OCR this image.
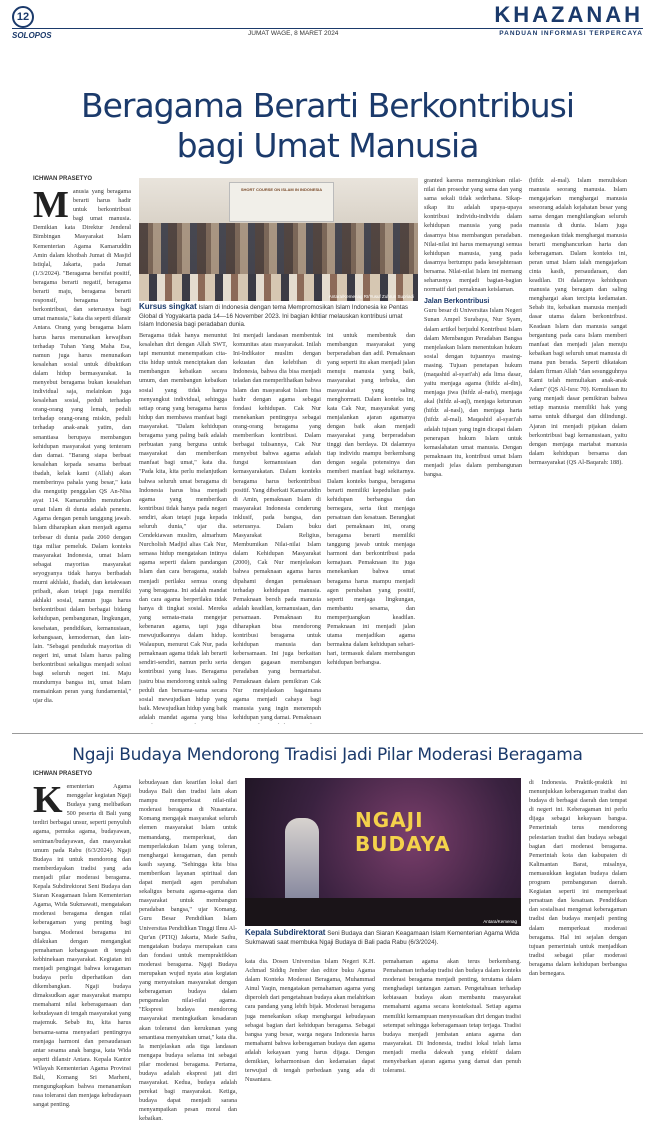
12
SOLOPOS
KHAZANAH
JUMAT WAGE, 8 MARET 2024	PANDUAN INFORMASI TERPERCAYA
Beragama Berarti Berkontribusi
bagi Umat Manusia
ICHWAN PRASETYO
Manusia yang beragama berarti harus hadir untuk berkontribusi bagi umat manusia. Demikian kata Direktur Jenderal Bimbingan Masyarakat Islam Kementerian Agama Kamaruddin Amin dalam khotbah Jumat di Masjid Istiqlal, Jakarta, pada Jumat (1/3/2024). "Beragama bersifat positif, beragama berarti negatif, beragama berarti maju, beragama berarti responsif, beragama berarti berkontribusi, dan seterusnya bagi umat manusia," kata dia seperti dilansir Antara. Orang yang beragama Islam harus harus menunaikan kewajiban terhadap Tuhan Yang Maha Esa, namun juga harus menunaikan kesalehan sosial untuk dibuktikan dalam hidup bermasyarakat. Ia menyebut beragama bukan kesalehan individual saja, melainkan juga kesalehan sosial, peduli terhadap orang-orang yang lemah, peduli terhadap orang-orang miskin, peduli terhadap anak-anak yatim, dan senantiasa berupaya membangun kehidupan masyarakat yang tenteram dan damai. "Barang siapa berbuat kesalehan kepada sesama berbuat ibadah, kelak kami (Allah) akan memberinya pahala yang besar," kata dia mengutip penggalan QS An-Nisa ayat 114. Kamaruddin menuturkan umat Islam di dunia adalah penentu. Agama dengan penuh tanggung jawab. Islam diharapkan akan menjadi agama terbesar di dunia pada 2060 dengan tiga miliar pemeluk. Dalam konteks masyarakat Indonesia, umat Islam sebagai mayoritas masyarakat seyogyanya tidak hanya beribadah murni akhlaki, ibadah, dan ketakwaan pribadi, akan tetapi juga memiliki akhlaki sosial, namun juga harus berkontribusi dalam berbagai bidang kehidupan, pembangunan, lingkungan, kesehatan, pendidikan, kemanusiaan, kebangsaan, kemodernan, dan lain-lain. "Sebagai penduduk mayoritas di negeri ini, umat Islam harus paling berkontribusi sekaligus menjadi solusi bagi seluruh negeri ini. Maju mundurnya bangsa ini, umat Islam memainkan peran yang fundamental," ujar dia.
SHORT COURSE ON ISLAM IN INDONESIA
Antara/Kemenag RI/Yusuf Zuhrun Supriadi
Kursus singkat Islam di Indonesia dengan tema Mempromosikan Islam Indonesia ke Pentas Global di Yogyakarta pada 14—16 November 2023. Ini bagian ikhtiar melauskan kontribusi umat Islam Indonesia bagi peradaban dunia.
Beragama tidak hanya menuntut kesalehan diri dengan Allah SWT, tapi menuntut menempatkan cita-cita hidup untuk menciptakan dan membangun kebaikan secara umum, dan membangun kebaikan sosial yang tidak hanya menyangkut individual, sehingga setiap orang yang beragama harus hidup dan membawa manfaat bagi masyarakat. "Dalam kehidupan beragama yang paling baik adalah perbuatan yang berguna untuk masyarakat dan memberikan manfaat bagi umat," kata dia. "Pada kita, kita perlu melanjutkan bahwa seluruh umat beragama di Indonesia harus bisa menjadi agama yang memberikan kontribusi tidak hanya pada negeri sendiri, akan tetapi juga kepada seluruh dunia," ujar dia. Cendekiawan muslim, almarhum Nurcholish Madjid alias Cak Nur, semasa hidup mengatakan intinya agama seperti dalam pandangan Islam dan cara beragama, sudah menjadi perilaku semua orang yang beragama. Ini adalah mandat dan cara agama berperilaku tidak hanya di tingkat sosial. Mereka yang semata-mata mengejar kebenaran agama, tapi juga mewujudkannya dalam hidup. Walaupun, menurut Cak Nur, pada pemaknaan agama tidak lah berarti sendiri-sendiri, namun perlu serta kontribusi yang luas. Beragama justru bisa mendorong untuk saling peduli dan bersama-sama secara sosial mewujudkan hidup yang baik. Mewujudkan hidup yang baik adalah mandat agama yang bisa
Ini menjadi landasan membentuk komunitas atau masyarakat. Inilah Ini-Indikator muslim dengan kekuatan dan kelebihan di Indonesia, bahwa dia bisa menjadi teladan dan memperlihatkan bahwa Islam dan masyarakat Islam bisa hadir dengan agama sebagai fondasi kehidupan. Cak Nur menekankan pentingnya sebagai orang-orang beragama yang memberikan kontribusi. Dalam berbagai tulisannya, Cak Nur menyebut bahwa agama adalah fungsi kemanusiaan dan kemasyarakatan. Dalam konteks beragama harus berkontribusi positif. Yang diberkati Kamaruddin di Amin, pemaknaan Islam di masyarakat Indonesia cenderung inklusif, pada bangsa, dan seterusnya. Dalam buku Masyarakat Religius, Membumikan Nilai-nilai Islam dalam Kehidupan Masyarakat (2000), Cak Nur menjelaskan bahwa pemaknaan agama harus dipahami dengan pemaknaan terhadap kehidupan manusia. Pemaknaan bersih pada manusia adalah keadilan, kemanusiaan, dan persamaan. Pemaknaan itu diharapkan bisa mendorong kontribusi beragama untuk kehidupan manusia dan kebersamaan. Ini juga berkaitan dengan gagasan membangun peradaban yang bermartabat. Pemaknaan dalam pemikiran Cak Nur menjelaskan bagaimana agama menjadi cahaya bagi manusia yang ingin menempuh kehidupan yang damai. Pemaknaan
ini untuk membentuk dan membangun masyarakat yang berperadaban dan adil. Pemaknaan yang seperti itu akan menjadi jalan menuju manusia yang baik, masyarakat yang terbuka, dan masyarakat yang saling menghormati. Dalam konteks ini, kata Cak Nur, masyarakat yang menjalankan ajaran agamanya dengan baik akan menjadi masyarakat yang berperadaban tinggi dan berdaya. Di dalamnya tiap individu mampu berkembang dengan segala potensinya dan memberi manfaat bagi sekitarnya. Dalam konteks bangsa, beragama berarti memiliki kepedulian pada kehidupan berbangsa dan bernegara, serta ikut menjaga persatuan dan kesatuan. Berangkat dari pemaknaan ini, orang beragama berarti memiliki tanggung jawab untuk menjaga harmoni dan berkontribusi pada kemajuan. Pemaknaan itu juga menekankan bahwa umat beragama harus mampu menjadi agen perubahan yang positif, seperti menjaga lingkungan, membantu sesama, dan memperjuangkan keadilan. Pemaknaan ini menjadi jalan utama menjadikan agama bermakna dalam kehidupan sehari-hari, termasuk dalam membangun kehidupan berbangsa.
granted karena memungkinkan nilai-nilai dan prosedur yang sama dan yang sama sekali tidak sederhana. Sikap-sikap itu adalah upaya-upaya kontribusi individu-individu dalam kehidupan manusia yang pada dasarnya bisa membangun peradaban. Nilai-nilai ini harus memayungi semua kehidupan manusia, yang pada dasarnya bertumpu pada kesejahteraan bersama. Nilai-nilai Islam ini memang seharusnya menjadi bagian-bagian normatif dari pemaknaan keislaman.
Jalan Berkontribusi
Guru besar di Universitas Islam Negeri Sunan Ampel Surabaya, Nur Syam, dalam artikel berjudul Kontribusi Islam dalam Membangun Peradaban Bangsa menjelaskan Islam menentukan hukum sosial dengan tujuannya masing-masing. Tujuan penetapan hukum (maqashid al-syari'ah) ada lima dasar, yaitu menjaga agama (hifdz al-din), menjaga jiwa (hifdz al-nafs), menjaga akal (hifdz al-aql), menjaga keturunan (hifdz al-nasl), dan menjaga harta (hifdz al-mal). Maqashid al-syari'ah adalah tujuan yang ingin dicapai dalam penerapan hukum Islam untuk kemaslahatan umat manusia. Dengan pemaknaan itu, kontribusi umat Islam menjadi jelas dalam pembangunan bangsa.
(hifdz al-mal). Islam menuliskan manusia seorang manusia. Islam mengajarkan menghargai manusia seseorang adalah kejahatan besar yang sama dengan menghilangkan seluruh manusia di dunia. Islam juga menegaskan tidak menghargai manusia berarti menghancurkan harta dan keberagaman. Dalam konteks ini, peran umat Islam ialah mengajarkan cinta kasih, persaudaraan, dan keadilan. Di dalamnya kehidupan manusia yang beragam dan saling menghargai akan tercipta kedamaian. Sebab itu, kebaikan manusia menjadi dasar utama dalam berkontribusi. Keadaan Islam dan manusia sangat bergantung pada cara Islam memberi manfaat dan menjadi jalan menuju kebaikan bagi seluruh umat manusia di mana pun berada. Seperti dikatakan dalam firman Allah "dan sesungguhnya Kami telah memuliakan anak-anak Adam" (QS Al-Isra: 70). Kemuliaan itu yang menjadi dasar pemikiran bahwa setiap manusia memiliki hak yang sama untuk dihargai dan dilindungi. Ajaran ini menjadi pijakan dalam berkontribusi bagi kemanusiaan, yaitu dengan menjaga martabat manusia dalam kehidupan bersama dan bermasyarakat (QS Al-Baqarah: 188).
Ngaji Budaya Mendorong Tradisi Jadi Pilar Moderasi Beragama
ICHWAN PRASETYO
Kementerian Agama menggelar kegiatan Ngaji Budaya yang melibatkan 500 peserta di Bali yang terdiri berbagai unsur, seperti penyuluh agama, pemuka agama, budayawan, seniman/budayawan, dan masyarakat umum pada Rabu (6/3/2024). Ngaji Budaya ini untuk mendorong dan memberdayakan tradisi yang ada menjadi pilar moderasi beragama. Kepala Subdirektorat Seni Budaya dan Siaran Keagamaan Islam Kementerian Agama, Wida Sukmawati, mengatakan moderasi beragama dengan nilai keberagaman yang penting bagi bangsa. Moderasi beragama ini dilakukan dengan mengangkat pemahaman kebangsaan di tengah kebhinekaan masyarakat. Kegiatan ini menjadi pengingat bahwa keragaman budaya perlu diperhatikan dan dikembangkan. Ngaji budaya dimaksudkan agar masyarakat mampu memahami nilai keberagamaan dan kebudayaan di tengah masyarakat yang majemuk. Sebab itu, kita harus bersama-sama menyadari pentingnya menjaga harmoni dan persaudaraan antar sesama anak bangsa, kata Wida seperti dilansir Antara. Kepala Kantor Wilayah Kementerian Agama Provinsi Bali, Komang Sri Marheni, mengungkapkan bahwa menanamkan rasa toleransi dan menjaga kebudayaan sangat penting.
kebudayaan dan kearifan lokal dari budaya Bali dan tradisi lain akan mampu memperkuat nilai-nilai moderasi beragama di Nusantara. Komang mengajak masyarakat seluruh elemen masyarakat Islam untuk memandang, memperkuat, dan memperlakukan Islam yang toleran, menghargai keragaman, dan penuh kasih sayang. "Sehingga kita bisa memberikan layanan spiritual dan dapat menjadi agen perubahan sekaligus bersatu agama-agama dan masyarakat untuk membangun peradaban bangsa," ujar Komang. Guru Besar Pendidikan Islam Universitas Pendidikan Tinggi Ilmu Al-Qur'an (PTIQ) Jakarta, Made Saihu, mengatakan budaya merupakan cara dan fondasi untuk mempraktikkan moderasi beragama. Ngaji Budaya merupakan wujud nyata atas kegiatan yang menyatukan masyarakat dengan keberagaman budaya dalam pengamalan nilai-nilai agama. "Ekspresi budaya mendorong masyarakat meningkatkan kesadaran akan toleransi dan kerukunan yang senantiasa menyatukan umat," kata dia. Ia menjelaskan ada tiga landasan mengapa budaya selama ini sebagai pilar moderasi beragama. Pertama, budaya adalah ekspresi jati diri masyarakat. Kedua, budaya adalah perekat bagi masyarakat. Ketiga, budaya dapat menjadi sarana menyampaikan pesan moral dan kebaikan.
NGAJI BUDAYA
Antara/Kemenag
Kepala Subdirektorat Seni Budaya dan Siaran Keagamaan Islam Kementerian Agama Wida Sukmawati saat membuka Ngaji Budaya di Bali pada Rabu (6/3/2024).
kata dia. Dosen Universitas Islam Negeri K.H. Achmad Siddiq Jember dan editor buku Agama dalam Konteks Moderasi Beragama, Muhammad Ainul Yaqin, mengatakan pemahaman agama yang diperoleh dari pengetahuan budaya akan melahirkan cara pandang yang lebih bijak. Moderasi beragama juga menekankan sikap menghargai kebudayaan sebagai bagian dari kehidupan beragama. Sebagai bangsa yang besar, warga negara Indonesia harus memahami bahwa keberagaman budaya dan agama adalah kekayaan yang harus dijaga. Dengan demikian, keharmonisan dan kedamaian dapat terwujud di tengah perbedaan yang ada di Nusantara.
pemahaman agama akan terus berkembang. Pemahaman terhadap tradisi dan budaya dalam konteks moderasi beragama menjadi penting, terutama dalam menghadapi tantangan zaman. Pengetahuan terhadap kebiasaan budaya akan membantu masyarakat memahami agama secara kontekstual. Setiap agama memiliki kemampuan menyesuaikan diri dengan tradisi setempat sehingga keberagamaan tetap terjaga. Tradisi budaya menjadi jembatan antara agama dan masyarakat. Di Indonesia, tradisi lokal telah lama menjadi media dakwah yang efektif dalam menyebarkan ajaran agama yang damai dan penuh toleransi.
di Indonesia. Praktik-praktik ini menunjukkan keberagaman tradisi dan budaya di berbagai daerah dan tempat di negeri ini. Keberagaman ini perlu dijaga sebagai kekayaan bangsa. Pemerintah terus mendorong pelestarian tradisi dan budaya sebagai bagian dari moderasi beragama. Pemerintah kota dan kabupaten di Kalimantan Barat, misalnya, memasukkan kegiatan budaya dalam program pembangunan daerah. Kegiatan seperti ini memperkuat persatuan dan kesatuan. Pendidikan dan sosialisasi mengenai keberagaman tradisi dan budaya menjadi penting dalam memperkuat moderasi beragama. Hal ini sejalan dengan tujuan pemerintah untuk menjadikan tradisi sebagai pilar moderasi beragama dalam kehidupan berbangsa dan bernegara.
